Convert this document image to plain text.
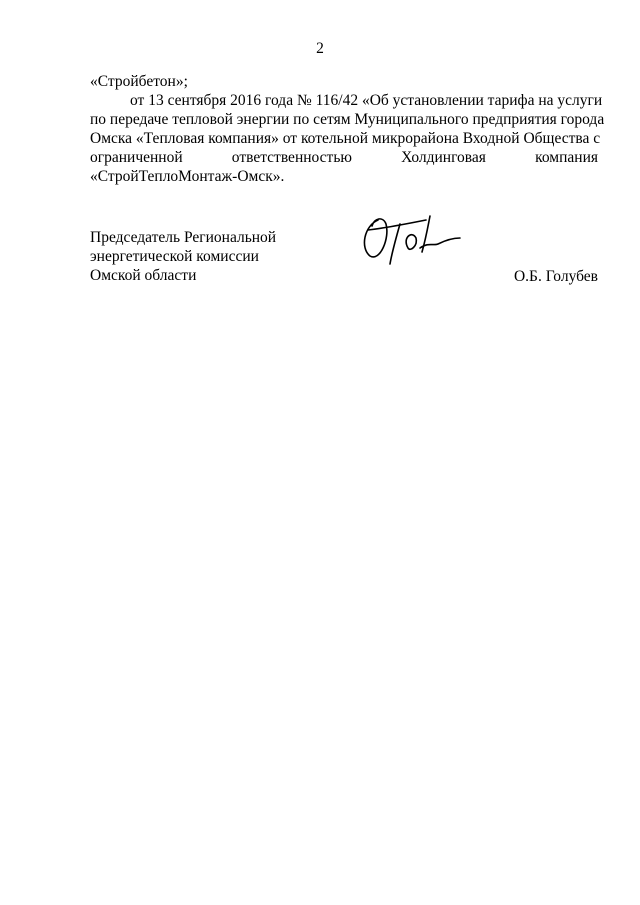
2
«Стройбетон»;
от 13 сентября 2016 года № 116/42 «Об установлении тарифа на услуги
по передаче тепловой энергии по сетям Муниципального предприятия города
Омска «Тепловая компания» от котельной микрорайона Входной Общества с
ограниченной ответственностью Холдинговая компания
«СтройТеплоМонтаж-Омск».
Председатель Региональной
энергетической комиссии
Омской области	О.Б. Голубев
